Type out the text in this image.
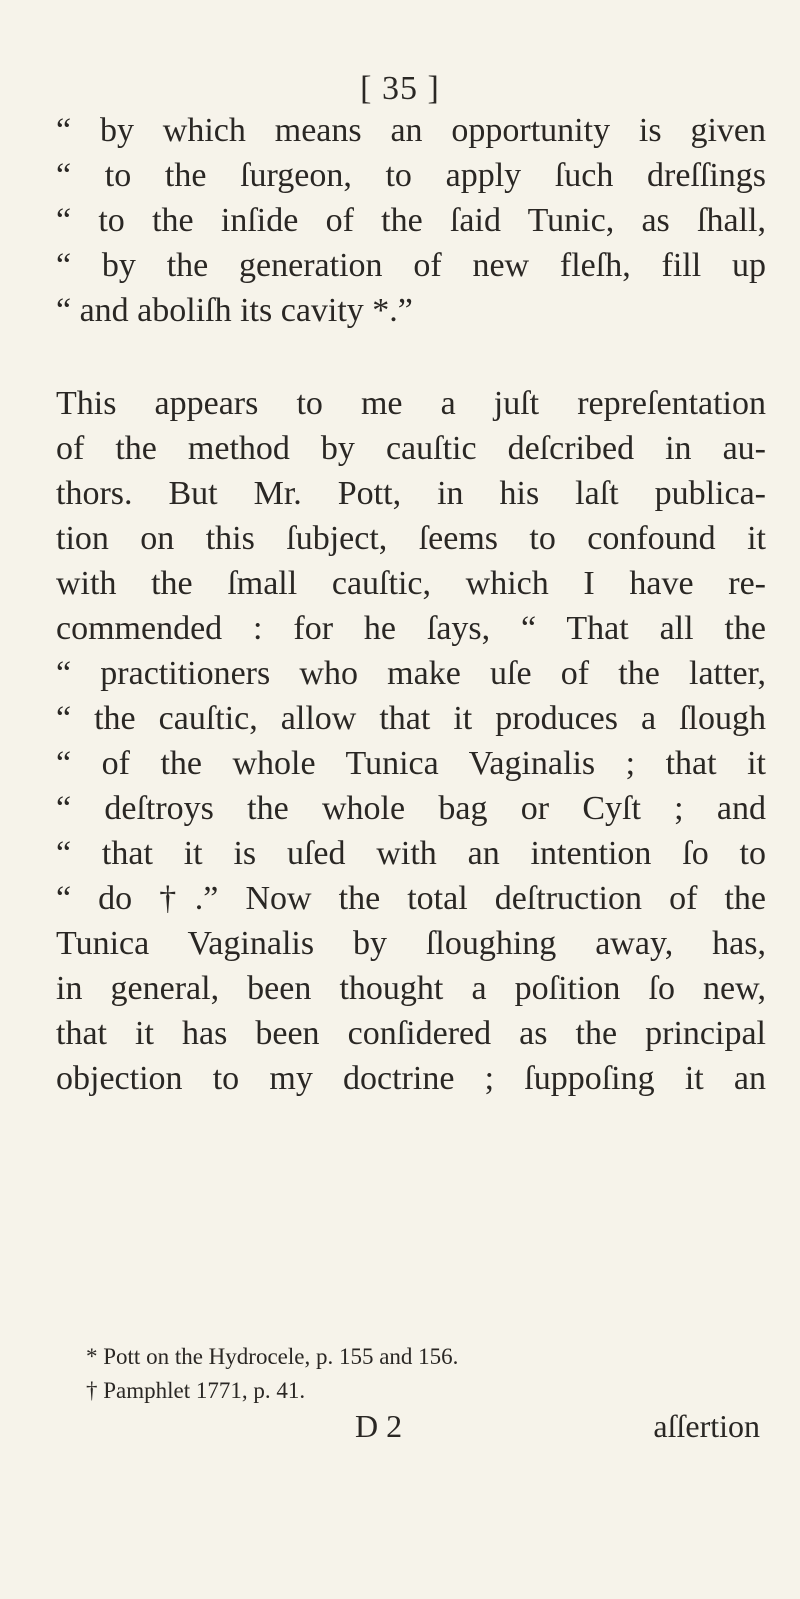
[ 35 ]
“ by which means an opportunity is given
“ to the ſurgeon, to apply ſuch dreſſings
“ to the inſide of the ſaid Tunic, as ſhall,
“ by the generation of new fleſh, fill up
“ and aboliſh its cavity *.”
This appears to me a juſt repreſentation
of the method by cauſtic deſcribed in au-
thors. But Mr. Pott, in his laſt publica-
tion on this ſubject, ſeems to confound it
with the ſmall cauſtic, which I have re-
commended : for he ſays, “ That all the
“ practitioners who make uſe of the latter,
“ the cauſtic, allow that it produces a ſlough
“ of the whole Tunica Vaginalis ; that it
“ deſtroys the whole bag or Cyſt ; and
“ that it is uſed with an intention ſo to
“ do †.” Now the total deſtruction of the
Tunica Vaginalis by ſloughing away, has,
in general, been thought a poſition ſo new,
that it has been conſidered as the principal
objection to my doctrine ; ſuppoſing it an
* Pott on the Hydrocele, p. 155 and 156.
† Pamphlet 1771, p. 41.
D 2	aſſertion
